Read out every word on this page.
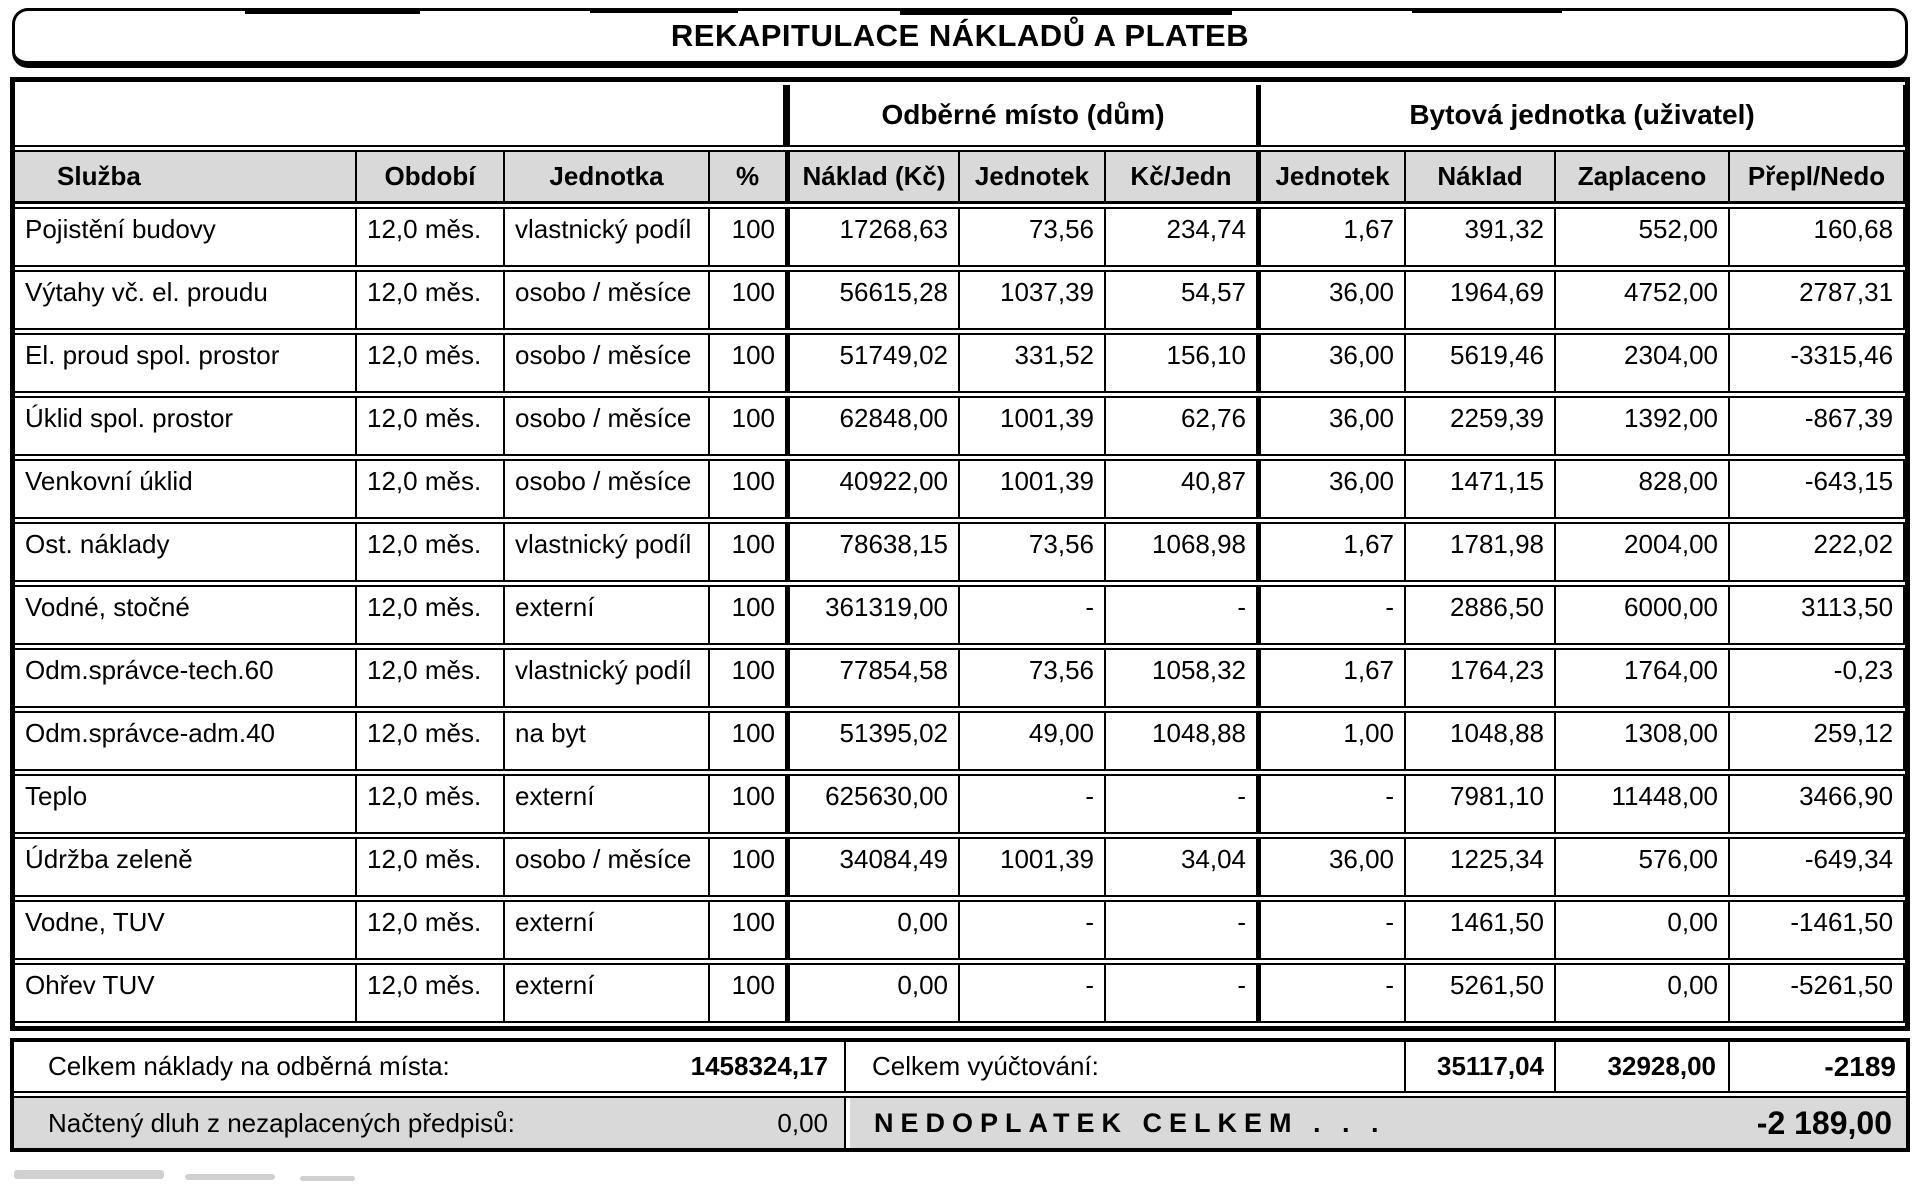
REKAPITULACE NÁKLADŮ A PLATEB
				Odběrné místo (dům)			Bytová jednotka (uživatel)			
Služba	Období	Jednotka	%	Náklad (Kč)	Jednotek	Kč/Jedn	Jednotek	Náklad	Zaplaceno	Přepl/Nedo
Pojistění budovy	12,0 měs.	vlastnický podíl	100	17268,63	73,56	234,74	1,67	391,32	552,00	160,68
Výtahy vč. el. proudu	12,0 měs.	osobo / měsíce	100	56615,28	1037,39	54,57	36,00	1964,69	4752,00	2787,31
El. proud spol. prostor	12,0 měs.	osobo / měsíce	100	51749,02	331,52	156,10	36,00	5619,46	2304,00	-3315,46
Úklid spol. prostor	12,0 měs.	osobo / měsíce	100	62848,00	1001,39	62,76	36,00	2259,39	1392,00	-867,39
Venkovní úklid	12,0 měs.	osobo / měsíce	100	40922,00	1001,39	40,87	36,00	1471,15	828,00	-643,15
Ost. náklady	12,0 měs.	vlastnický podíl	100	78638,15	73,56	1068,98	1,67	1781,98	2004,00	222,02
Vodné, stočné	12,0 měs.	externí	100	361319,00	-	-	-	2886,50	6000,00	3113,50
Odm.správce-tech.60	12,0 měs.	vlastnický podíl	100	77854,58	73,56	1058,32	1,67	1764,23	1764,00	-0,23
Odm.správce-adm.40	12,0 měs.	na byt	100	51395,02	49,00	1048,88	1,00	1048,88	1308,00	259,12
Teplo	12,0 měs.	externí	100	625630,00	-	-	-	7981,10	11448,00	3466,90
Údržba zeleně	12,0 měs.	osobo / měsíce	100	34084,49	1001,39	34,04	36,00	1225,34	576,00	-649,34
Vodne, TUV	12,0 měs.	externí	100	0,00	-	-	-	1461,50	0,00	-1461,50
Ohřev TUV	12,0 měs.	externí	100	0,00	-	-	-	5261,50	0,00	-5261,50
Celkem náklady na odběrná místa:	1458324,17 Celkem vyúčtování:	35117,04	32928,00	-2189
Načtený dluh z nezaplacených předpisů:	0,00 NEDOPLATEK CELKEM . . .	-2 189,00
